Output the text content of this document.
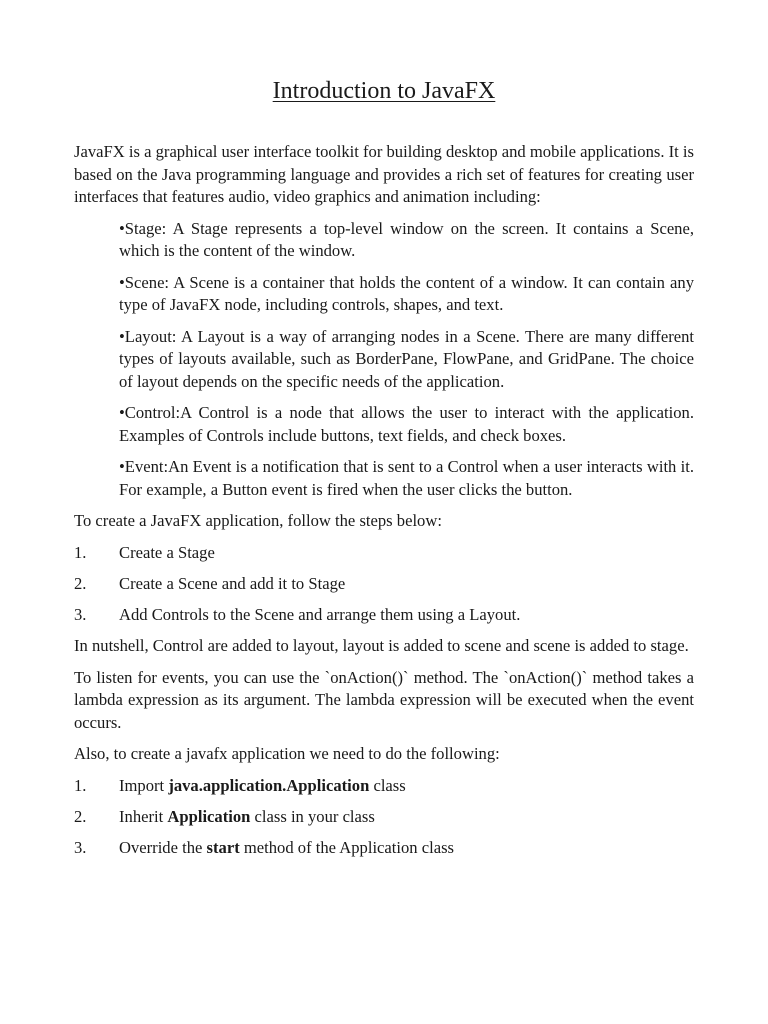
Introduction to JavaFX

JavaFX is a graphical user interface toolkit for building desktop and mobile applications. It is based on the Java programming language and provides a rich set of features for creating user interfaces that features audio, video graphics and animation including:

•Stage: A Stage represents a top-level window on the screen. It contains a Scene, which is the content of the window.
•Scene: A Scene is a container that holds the content of a window. It can contain any type of JavaFX node, including controls, shapes, and text.
•Layout: A Layout is a way of arranging nodes in a Scene. There are many different types of layouts available, such as BorderPane, FlowPane, and GridPane. The choice of layout depends on the specific needs of the application.
•Control:A Control is a node that allows the user to interact with the application. Examples of Controls include buttons, text fields, and check boxes.
•Event:An Event is a notification that is sent to a Control when a user interacts with it. For example, a Button event is fired when the user clicks the button.

To create a JavaFX application, follow the steps below:

1.	Create a Stage
2.	Create a Scene and add it to Stage
3.	Add Controls to the Scene and arrange them using a Layout.

In nutshell, Control are added to layout, layout is added to scene and scene is added to stage.

To listen for events, you can use the `onAction()` method. The `onAction()` method takes a lambda expression as its argument. The lambda expression will be executed when the event occurs.

Also, to create a javafx application we need to do the following:

1.	Import java.application.Application class
2.	Inherit Application class in your class
3.	Override the start method of the Application class
